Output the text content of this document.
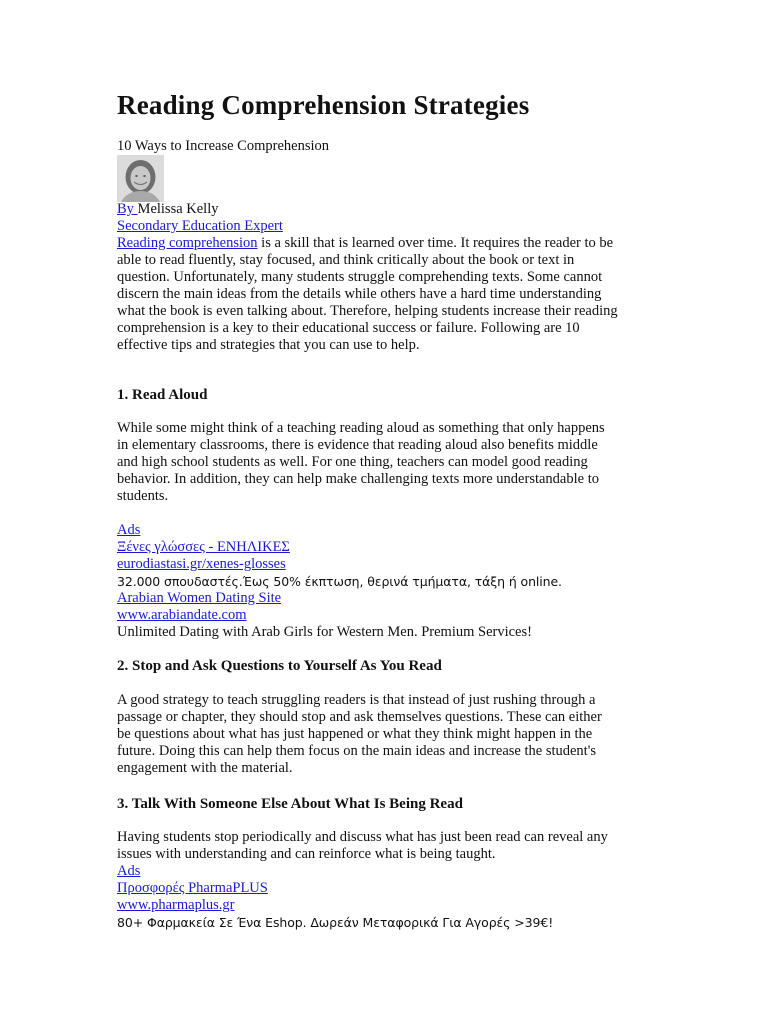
Reading Comprehension Strategies
10 Ways to Increase Comprehension
By Melissa Kelly
Secondary Education Expert
Reading comprehension is a skill that is learned over time. It requires the reader to be
able to read fluently, stay focused, and think critically about the book or text in
question. Unfortunately, many students struggle comprehending texts. Some cannot
discern the main ideas from the details while others have a hard time understanding
what the book is even talking about. Therefore, helping students increase their reading
comprehension is a key to their educational success or failure. Following are 10
effective tips and strategies that you can use to help.
1. Read Aloud
While some might think of a teaching reading aloud as something that only happens
in elementary classrooms, there is evidence that reading aloud also benefits middle
and high school students as well. For one thing, teachers can model good reading
behavior. In addition, they can help make challenging texts more understandable to
students.
Ads
Ξένες γλώσσες - ΕΝΗΛΙΚΕΣ
eurodiastasi.gr/xenes-glosses
32.000 σπουδαστές.Έως 50% έκπτωση, θερινά τμήματα, τάξη ή online.
Arabian Women Dating Site
www.arabiandate.com
Unlimited Dating with Arab Girls for Western Men. Premium Services!
2. Stop and Ask Questions to Yourself As You Read
A good strategy to teach struggling readers is that instead of just rushing through a
passage or chapter, they should stop and ask themselves questions. These can either
be questions about what has just happened or what they think might happen in the
future. Doing this can help them focus on the main ideas and increase the student's
engagement with the material.
3. Talk With Someone Else About What Is Being Read
Having students stop periodically and discuss what has just been read can reveal any
issues with understanding and can reinforce what is being taught.
Ads
Προσφορές PharmaPLUS
www.pharmaplus.gr
80+ Φαρμακεία Σε Ένα Eshop. Δωρεάν Μεταφορικά Για Αγορές >39€!
